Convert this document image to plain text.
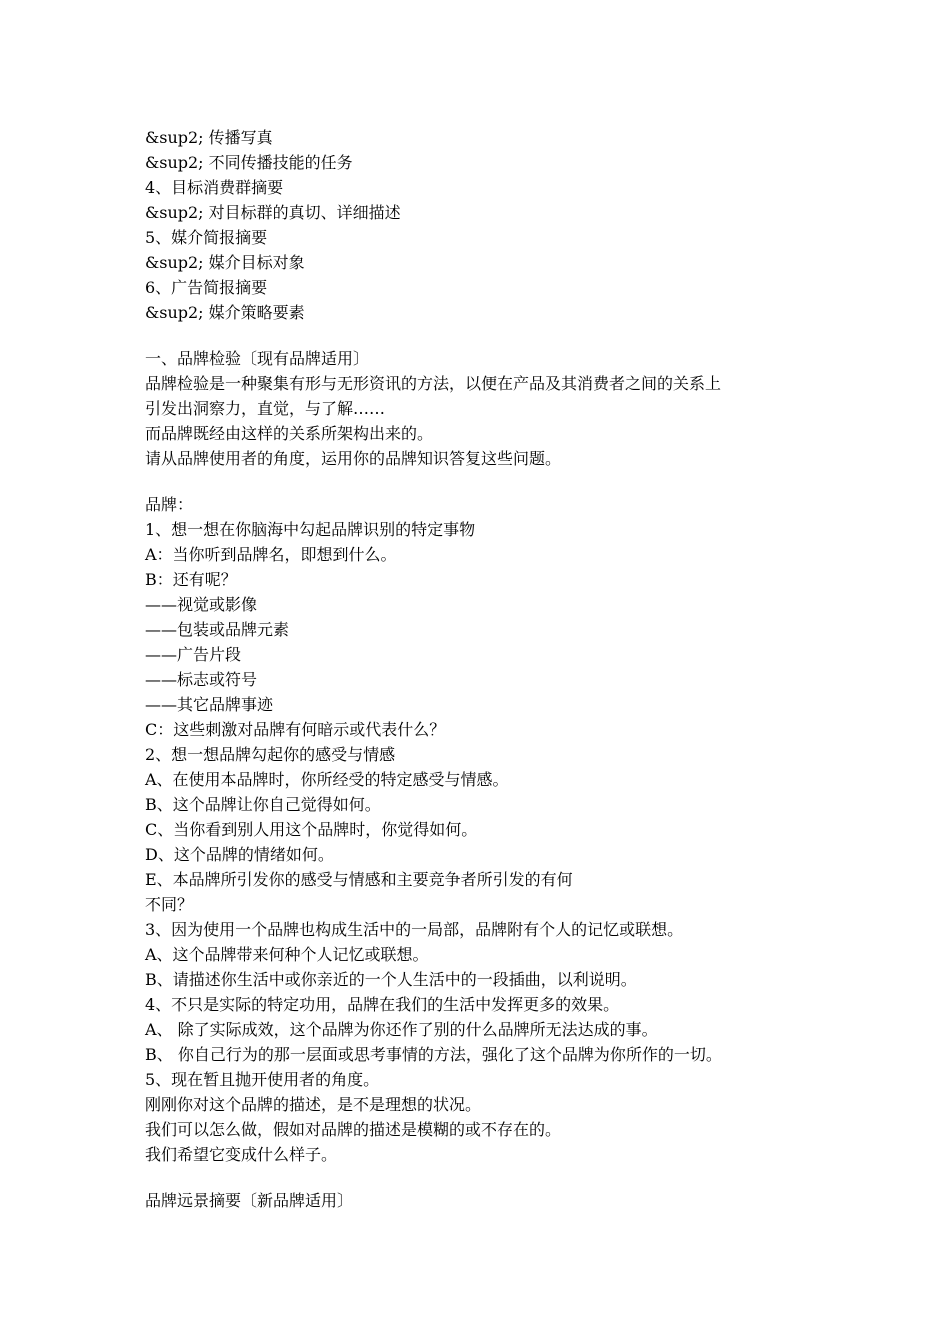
&sup2; 传播写真

&sup2; 不同传播技能的任务

4、目标消费群摘要

&sup2; 对目标群的真切、详细描述

5、媒介简报摘要

&sup2; 媒介目标对象

6、广告简报摘要

&sup2; 媒介策略要素

一、品牌检验〔现有品牌适用〕

品牌检验是一种聚集有形与无形资讯的方法，以便在产品及其消费者之间的关系上

引发出洞察力，直觉，与了解……

而品牌既经由这样的关系所架构出来的。

请从品牌使用者的角度，运用你的品牌知识答复这些问题。

品牌：

1、想一想在你脑海中勾起品牌识别的特定事物

A：当你听到品牌名，即想到什么。

B：还有呢？

——视觉或影像

——包装或品牌元素

——广告片段

——标志或符号

——其它品牌事迹

C：这些刺激对品牌有何暗示或代表什么？

2、想一想品牌勾起你的感受与情感

A、在使用本品牌时，你所经受的特定感受与情感。

B、这个品牌让你自己觉得如何。

C、当你看到别人用这个品牌时，你觉得如何。

D、这个品牌的情绪如何。

E、本品牌所引发你的感受与情感和主要竞争者所引发的有何

不同？

3、因为使用一个品牌也构成生活中的一局部，品牌附有个人的记忆或联想。

A、这个品牌带来何种个人记忆或联想。

B、请描述你生活中或你亲近的一个人生活中的一段插曲，以利说明。

4、不只是实际的特定功用，品牌在我们的生活中发挥更多的效果。

A、 除了实际成效，这个品牌为你还作了别的什么品牌所无法达成的事。

B、 你自己行为的那一层面或思考事情的方法，强化了这个品牌为你所作的一切。

5、现在暂且抛开使用者的角度。

刚刚你对这个品牌的描述，是不是理想的状况。

我们可以怎么做，假如对品牌的描述是模糊的或不存在的。

我们希望它变成什么样子。

品牌远景摘要〔新品牌适用〕
